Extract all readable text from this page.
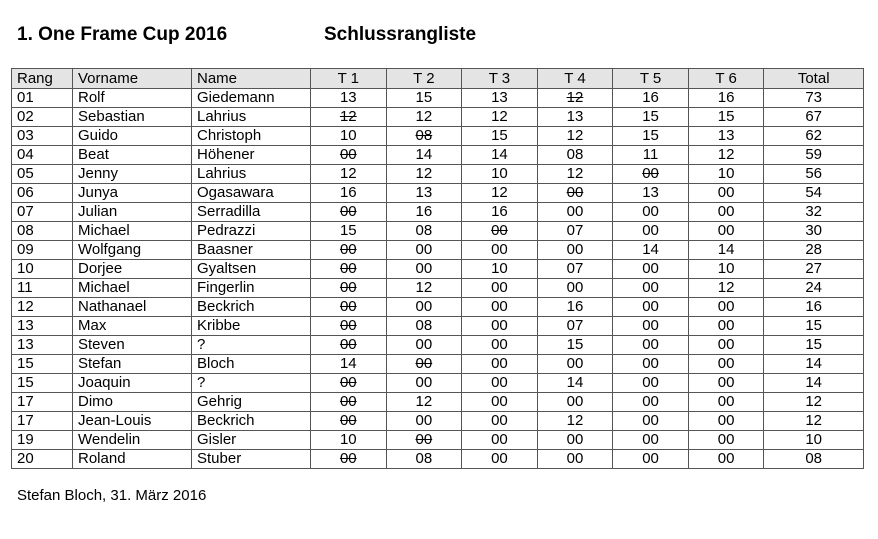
1. One Frame Cup 2016	Schlussrangliste
Rang	Vorname	Name	T 1	T 2	T 3	T 4	T 5	T 6	Total
01	Rolf	Giedemann	13	15	13	12	16	16	73
02	Sebastian	Lahrius	12	12	12	13	15	15	67
03	Guido	Christoph	10	08	15	12	15	13	62
04	Beat	Höhener	00	14	14	08	11	12	59
05	Jenny	Lahrius	12	12	10	12	00	10	56
06	Junya	Ogasawara	16	13	12	00	13	00	54
07	Julian	Serradilla	00	16	16	00	00	00	32
08	Michael	Pedrazzi	15	08	00	07	00	00	30
09	Wolfgang	Baasner	00	00	00	00	14	14	28
10	Dorjee	Gyaltsen	00	00	10	07	00	10	27
11	Michael	Fingerlin	00	12	00	00	00	12	24
12	Nathanael	Beckrich	00	00	00	16	00	00	16
13	Max	Kribbe	00	08	00	07	00	00	15
13	Steven	?	00	00	00	15	00	00	15
15	Stefan	Bloch	14	00	00	00	00	00	14
15	Joaquin	?	00	00	00	14	00	00	14
17	Dimo	Gehrig	00	12	00	00	00	00	12
17	Jean-Louis	Beckrich	00	00	00	12	00	00	12
19	Wendelin	Gisler	10	00	00	00	00	00	10
20	Roland	Stuber	00	08	00	00	00	00	08
Stefan Bloch, 31. März 2016
